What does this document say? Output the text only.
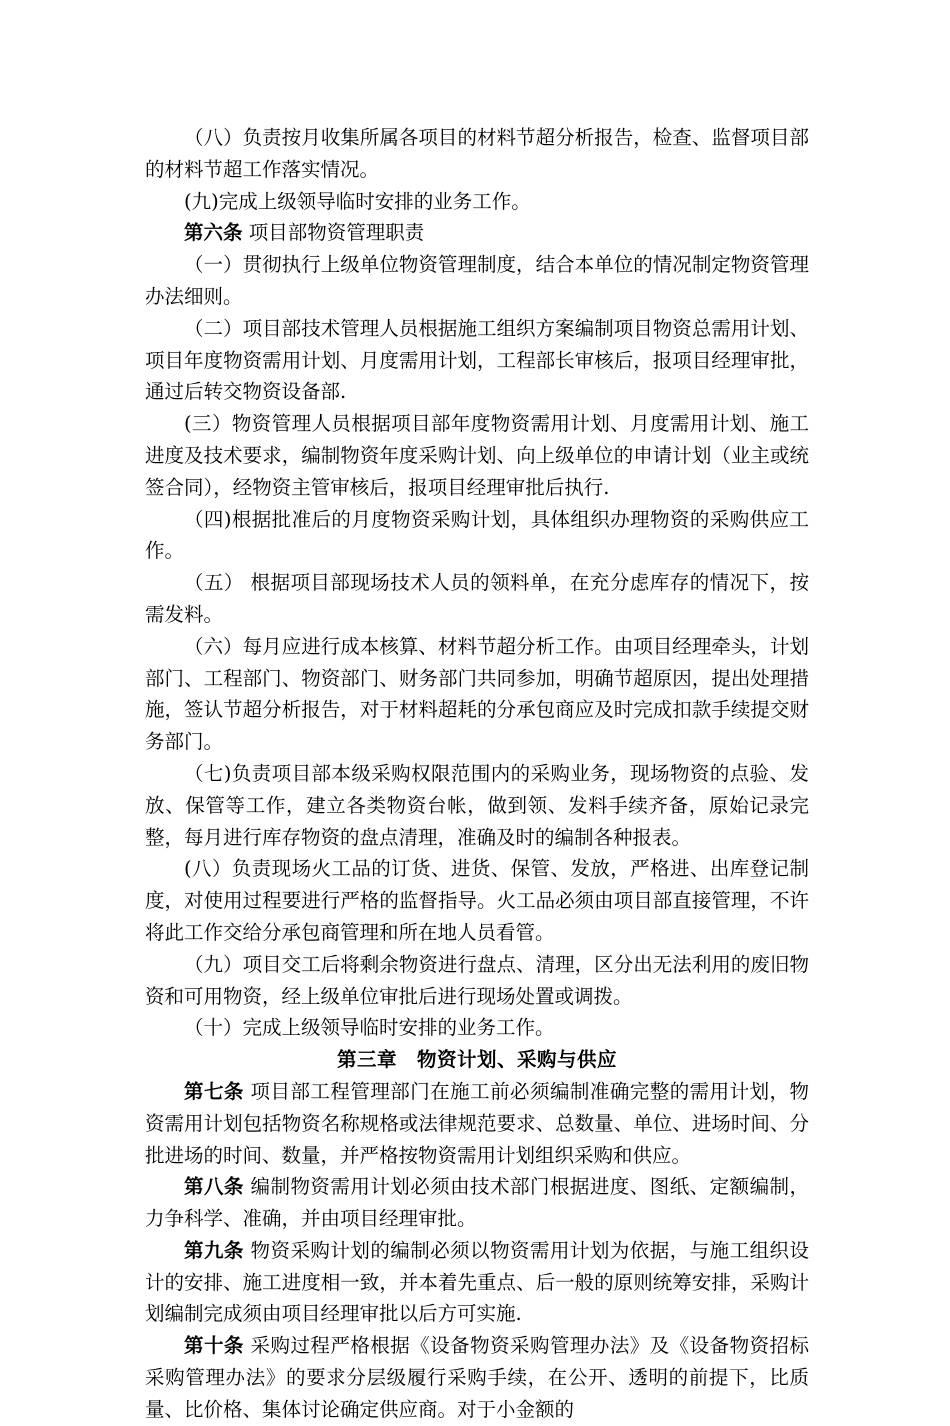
（八）负责按月收集所属各项目的材料节超分析报告，检查、监督项目部的材料节超工作落实情况。

(九)完成上级领导临时安排的业务工作。

第六条 项目部物资管理职责

（一）贯彻执行上级单位物资管理制度，结合本单位的情况制定物资管理办法细则。

（二）项目部技术管理人员根据施工组织方案编制项目物资总需用计划、项目年度物资需用计划、月度需用计划，工程部长审核后，报项目经理审批，通过后转交物资设备部.

(三）物资管理人员根据项目部年度物资需用计划、月度需用计划、施工进度及技术要求，编制物资年度采购计划、向上级单位的申请计划（业主或统签合同），经物资主管审核后，报项目经理审批后执行.

（四)根据批准后的月度物资采购计划，具体组织办理物资的采购供应工作。

（五） 根据项目部现场技术人员的领料单，在充分虑库存的情况下，按需发料。

（六）每月应进行成本核算、材料节超分析工作。由项目经理牵头，计划部门、工程部门、物资部门、财务部门共同参加，明确节超原因，提出处理措施，签认节超分析报告，对于材料超耗的分承包商应及时完成扣款手续提交财务部门。

（七)负责项目部本级采购权限范围内的采购业务，现场物资的点验、发放、保管等工作，建立各类物资台帐，做到领、发料手续齐备，原始记录完整，每月进行库存物资的盘点清理，准确及时的编制各种报表。

(八）负责现场火工品的订货、进货、保管、发放，严格进、出库登记制度，对使用过程要进行严格的监督指导。火工品必须由项目部直接管理，不许将此工作交给分承包商管理和所在地人员看管。

（九）项目交工后将剩余物资进行盘点、清理，区分出无法利用的废旧物资和可用物资，经上级单位审批后进行现场处置或调拨。

（十）完成上级领导临时安排的业务工作。

第三章　物资计划、采购与供应

第七条 项目部工程管理部门在施工前必须编制准确完整的需用计划，物资需用计划包括物资名称规格或法律规范要求、总数量、单位、进场时间、分批进场的时间、数量，并严格按物资需用计划组织采购和供应。

第八条 编制物资需用计划必须由技术部门根据进度、图纸、定额编制，力争科学、准确，并由项目经理审批。

第九条 物资采购计划的编制必须以物资需用计划为依据，与施工组织设计的安排、施工进度相一致，并本着先重点、后一般的原则统筹安排，采购计划编制完成须由项目经理审批以后方可实施.

第十条 采购过程严格根据《设备物资采购管理办法》及《设备物资招标采购管理办法》的要求分层级履行采购手续，在公开、透明的前提下，比质量、比价格、集体讨论确定供应商。对于小金额的
